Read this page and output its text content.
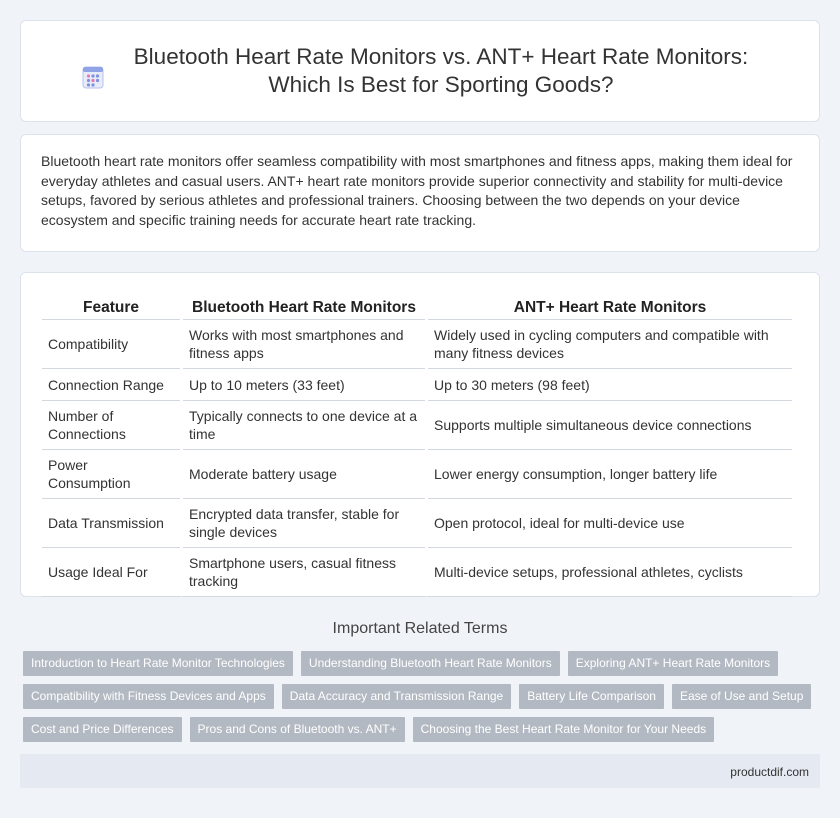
Bluetooth Heart Rate Monitors vs. ANT+ Heart Rate Monitors: Which Is Best for Sporting Goods?

Bluetooth heart rate monitors offer seamless compatibility with most smartphones and fitness apps, making them ideal for everyday athletes and casual users. ANT+ heart rate monitors provide superior connectivity and stability for multi-device setups, favored by serious athletes and professional trainers. Choosing between the two depends on your device ecosystem and specific training needs for accurate heart rate tracking.

Feature	Bluetooth Heart Rate Monitors	ANT+ Heart Rate Monitors
Compatibility	Works with most smartphones and fitness apps	Widely used in cycling computers and compatible with many fitness devices
Connection Range	Up to 10 meters (33 feet)	Up to 30 meters (98 feet)
Number of Connections	Typically connects to one device at a time	Supports multiple simultaneous device connections
Power Consumption	Moderate battery usage	Lower energy consumption, longer battery life
Data Transmission	Encrypted data transfer, stable for single devices	Open protocol, ideal for multi-device use
Usage Ideal For	Smartphone users, casual fitness tracking	Multi-device setups, professional athletes, cyclists
Important Related Terms
Introduction to Heart Rate Monitor Technologies	Understanding Bluetooth Heart Rate Monitors	Exploring ANT+ Heart Rate Monitors
Compatibility with Fitness Devices and Apps	Data Accuracy and Transmission Range	Battery Life Comparison	Ease of Use and Setup
Cost and Price Differences	Pros and Cons of Bluetooth vs. ANT+	Choosing the Best Heart Rate Monitor for Your Needs
productdif.com
